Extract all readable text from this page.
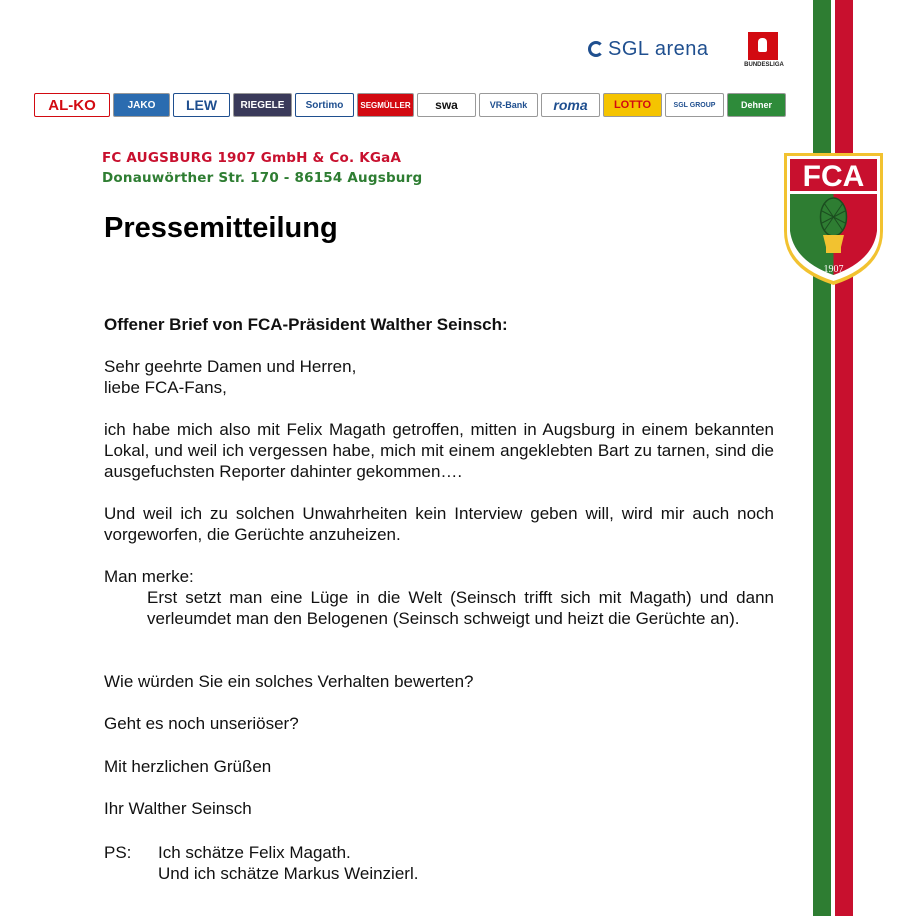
SGL arena
BUNDESLIGA
AL-KO	JAKO	LEW	RIEGELE	Sortimo	SEGMÜLLER	swa	VR-Bank	roma	LOTTO	SGL GROUP	Dehner
FC AUGSBURG 1907 GmbH & Co. KGaA
Donauwörther Str. 170 - 86154 Augsburg	FCA
1907
Pressemitteilung
Offener Brief von FCA-Präsident Walther Seinsch:
Sehr geehrte Damen und Herren,
liebe FCA-Fans,
ich habe mich also mit Felix Magath getroffen, mitten in Augsburg in einem bekannten Lokal, und weil ich vergessen habe, mich mit einem angeklebten Bart zu tarnen, sind die ausgefuchsten Reporter dahinter gekommen….
Und weil ich zu solchen Unwahrheiten kein Interview geben will, wird mir auch noch vorgeworfen, die Gerüchte anzuheizen.
Man merke:
Erst setzt man eine Lüge in die Welt (Seinsch trifft sich mit Magath) und dann verleumdet man den Belogenen (Seinsch schweigt und heizt die Gerüchte an).
Wie würden Sie ein solches Verhalten bewerten?
Geht es noch unseriöser?
Mit herzlichen Grüßen
Ihr Walther Seinsch
PS: Ich schätze Felix Magath.
Und ich schätze Markus Weinzierl.
